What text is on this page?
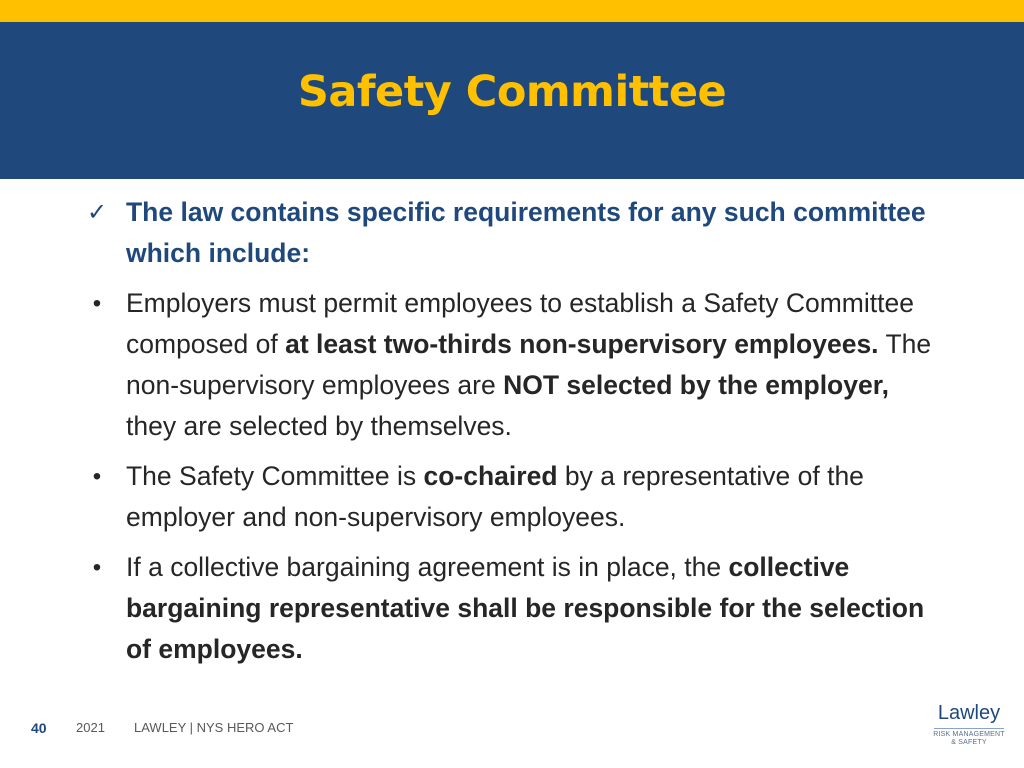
Safety Committee
✓ The law contains specific requirements for any such committee which include:
• Employers must permit employees to establish a Safety Committee composed of at least two-thirds non-supervisory employees. The non-supervisory employees are NOT selected by the employer, they are selected by themselves.
• The Safety Committee is co-chaired by a representative of the employer and non-supervisory employees.
• If a collective bargaining agreement is in place, the collective bargaining representative shall be responsible for the selection of employees.
40 2021 LAWLEY | NYS HERO ACT
Lawley
RISK MANAGEMENT
& SAFETY
